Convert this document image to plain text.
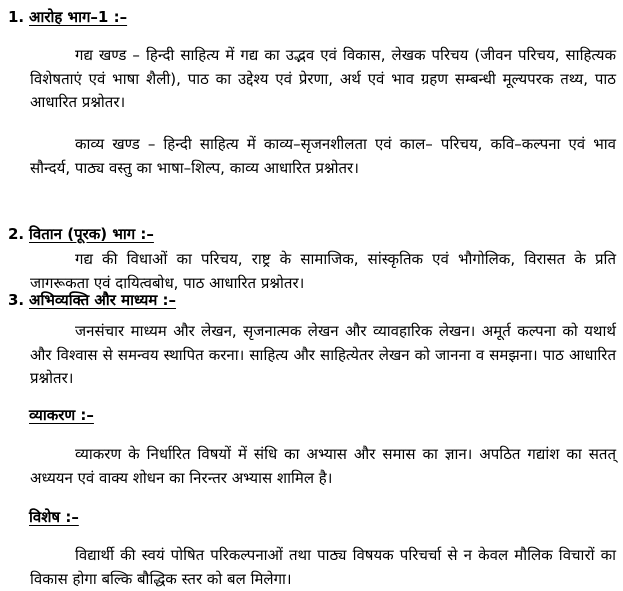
1. आरोह भाग–1 :–
गद्य खण्ड – हिन्दी साहित्य में गद्य का उद्भव एवं विकास, लेखक परिचय (जीवन परिचय, साहित्यक विशेषताएं एवं भाषा शैली), पाठ का उद्देश्य एवं प्रेरणा, अर्थ एवं भाव ग्रहण सम्बन्धी मूल्यपरक तथ्य, पाठ आधारित प्रश्नोतर।
काव्य खण्ड – हिन्दी साहित्य में काव्य–सृजनशीलता एवं काल– परिचय, कवि–कल्पना एवं भाव सौन्दर्य, पाठ्य वस्तु का भाषा–शिल्प, काव्य आधारित प्रश्नोतर।
2. वितान (पूरक) भाग :–
गद्य की विधाओं का परिचय, राष्ट्र के सामाजिक, सांस्कृतिक एवं भौगोलिक, विरासत के प्रति जागरूकता एवं दायित्वबोध, पाठ आधारित प्रश्नोतर।
3. अभिव्यक्ति और माध्यम :–
जनसंचार माध्यम और लेखन, सृजनात्मक लेखन और व्यावहारिक लेखन। अमूर्त कल्पना को यथार्थ और विश्वास से समन्वय स्थापित करना। साहित्य और साहित्येतर लेखन को जानना व समझना। पाठ आधारित प्रश्नोतर।
व्याकरण :–
व्याकरण के निर्धारित विषयों में संधि का अभ्यास और समास का ज्ञान। अपठित गद्यांश का सतत् अध्ययन एवं वाक्य शोधन का निरन्तर अभ्यास शामिल है।
विशेष :–
विद्यार्थी की स्वयं पोषित परिकल्पनाओं तथा पाठ्य विषयक परिचर्चा से न केवल मौलिक विचारों का विकास होगा बल्कि बौद्धिक स्तर को बल मिलेगा।
